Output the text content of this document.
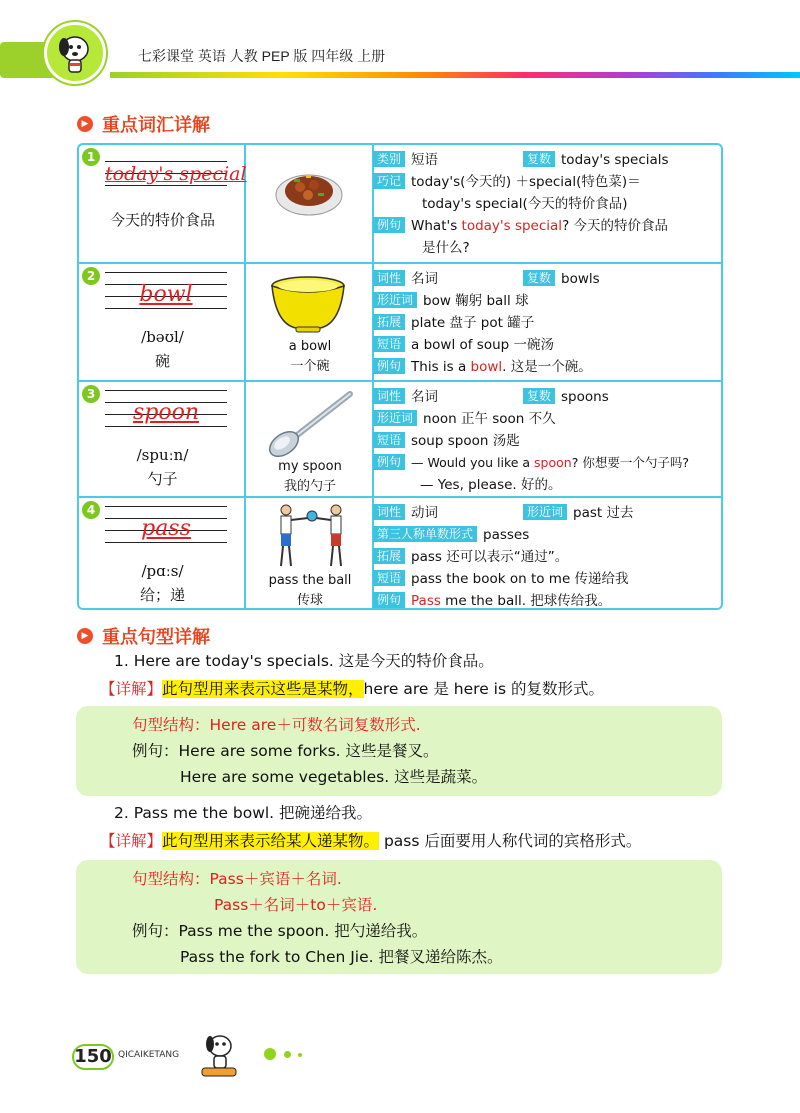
七彩课堂 英语 人教 PEP 版 四年级 上册
▶ 重点词汇详解
1
today's special
今天的特价食品
类别 短语	复数 today's specials
巧记 today's(今天的) ＋special(特色菜)＝
today's special(今天的特价食品)
例句 What's today's special? 今天的特价食品
是什么?
2
bowl
/bəʊl/
碗
a bowl
一个碗
词性 名词	复数 bowls
形近词 bow 鞠躬 ball 球
拓展 plate 盘子 pot 罐子
短语 a bowl of soup 一碗汤
例句 This is a bowl. 这是一个碗。
3
spoon
/spuːn/
勺子
my spoon
我的勺子
词性 名词	复数 spoons
形近词 noon 正午 soon 不久
短语 soup spoon 汤匙
例句 — Would you like a spoon? 你想要一个勺子吗?
— Yes, please. 好的。
4
pass
/pɑːs/
给；递
pass the ball
传球
词性 动词	形近词 past 过去
第三人称单数形式 passes
拓展 pass 还可以表示“通过”。
短语 pass the book on to me 传递给我
例句 Pass me the ball. 把球传给我。
▶ 重点句型详解
1. Here are today's specials. 这是今天的特价食品。
【详解】此句型用来表示这些是某物，here are 是 here is 的复数形式。
句型结构：Here are＋可数名词复数形式.
例句：Here are some forks. 这些是餐叉。
Here are some vegetables. 这些是蔬菜。
2. Pass me the bowl. 把碗递给我。
【详解】此句型用来表示给某人递某物。 pass 后面要用人称代词的宾格形式。
句型结构：Pass＋宾语＋名词.
Pass＋名词＋to＋宾语.
例句：Pass me the spoon. 把勺递给我。
Pass the fork to Chen Jie. 把餐叉递给陈杰。
150 QICAIKETANG
